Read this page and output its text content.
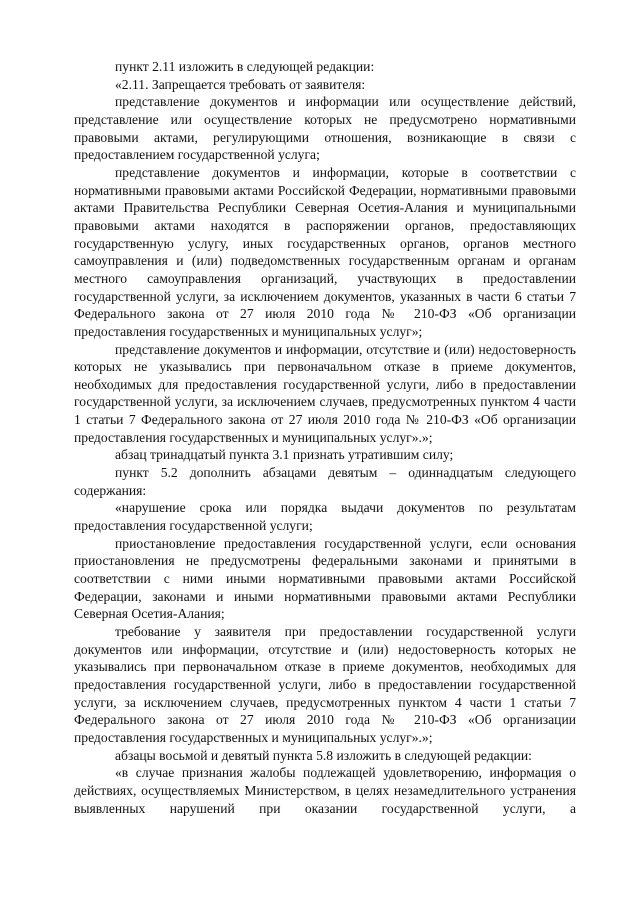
пункт 2.11 изложить в следующей редакции:

«2.11. Запрещается требовать от заявителя:

представление документов и информации или осуществление действий, представление или осуществление которых не предусмотрено нормативными правовыми актами, регулирующими отношения, возникающие в связи с предоставлением государственной услуга;

представление документов и информации, которые в соответствии с нормативными правовыми актами Российской Федерации, нормативными правовыми актами Правительства Республики Северная Осетия-Алания и муниципальными правовыми актами находятся в распоряжении органов, предоставляющих государственную услугу, иных государственных органов, органов местного самоуправления и (или) подведомственных государственным органам и органам местного самоуправления организаций, участвующих в предоставлении государственной услуги, за исключением документов, указанных в части 6 статьи 7 Федерального закона от 27 июля 2010 года № 210-ФЗ «Об организации предоставления государственных и муниципальных услуг»;

представление документов и информации, отсутствие и (или) недостоверность которых не указывались при первоначальном отказе в приеме документов, необходимых для предоставления государственной услуги, либо в предоставлении государственной услуги, за исключением случаев, предусмотренных пунктом 4 части 1 статьи 7 Федерального закона от 27 июля 2010 года № 210-ФЗ «Об организации предоставления государственных и муниципальных услуг».»;

абзац тринадцатый пункта 3.1 признать утратившим силу;

пункт 5.2 дополнить абзацами девятым – одиннадцатым следующего содержания:

«нарушение срока или порядка выдачи документов по результатам предоставления государственной услуги;

приостановление предоставления государственной услуги, если основания приостановления не предусмотрены федеральными законами и принятыми в соответствии с ними иными нормативными правовыми актами Российской Федерации, законами и иными нормативными правовыми актами Республики Северная Осетия-Алания;

требование у заявителя при предоставлении государственной услуги документов или информации, отсутствие и (или) недостоверность которых не указывались при первоначальном отказе в приеме документов, необходимых для предоставления государственной услуги, либо в предоставлении государственной услуги, за исключением случаев, предусмотренных пунктом 4 части 1 статьи 7 Федерального закона от 27 июля 2010 года № 210-ФЗ «Об организации предоставления государственных и муниципальных услуг».»;

абзацы восьмой и девятый пункта 5.8 изложить в следующей редакции:

«в случае признания жалобы подлежащей удовлетворению, информация о действиях, осуществляемых Министерством, в целях незамедлительного устранения выявленных нарушений при оказании государственной услуги, а
